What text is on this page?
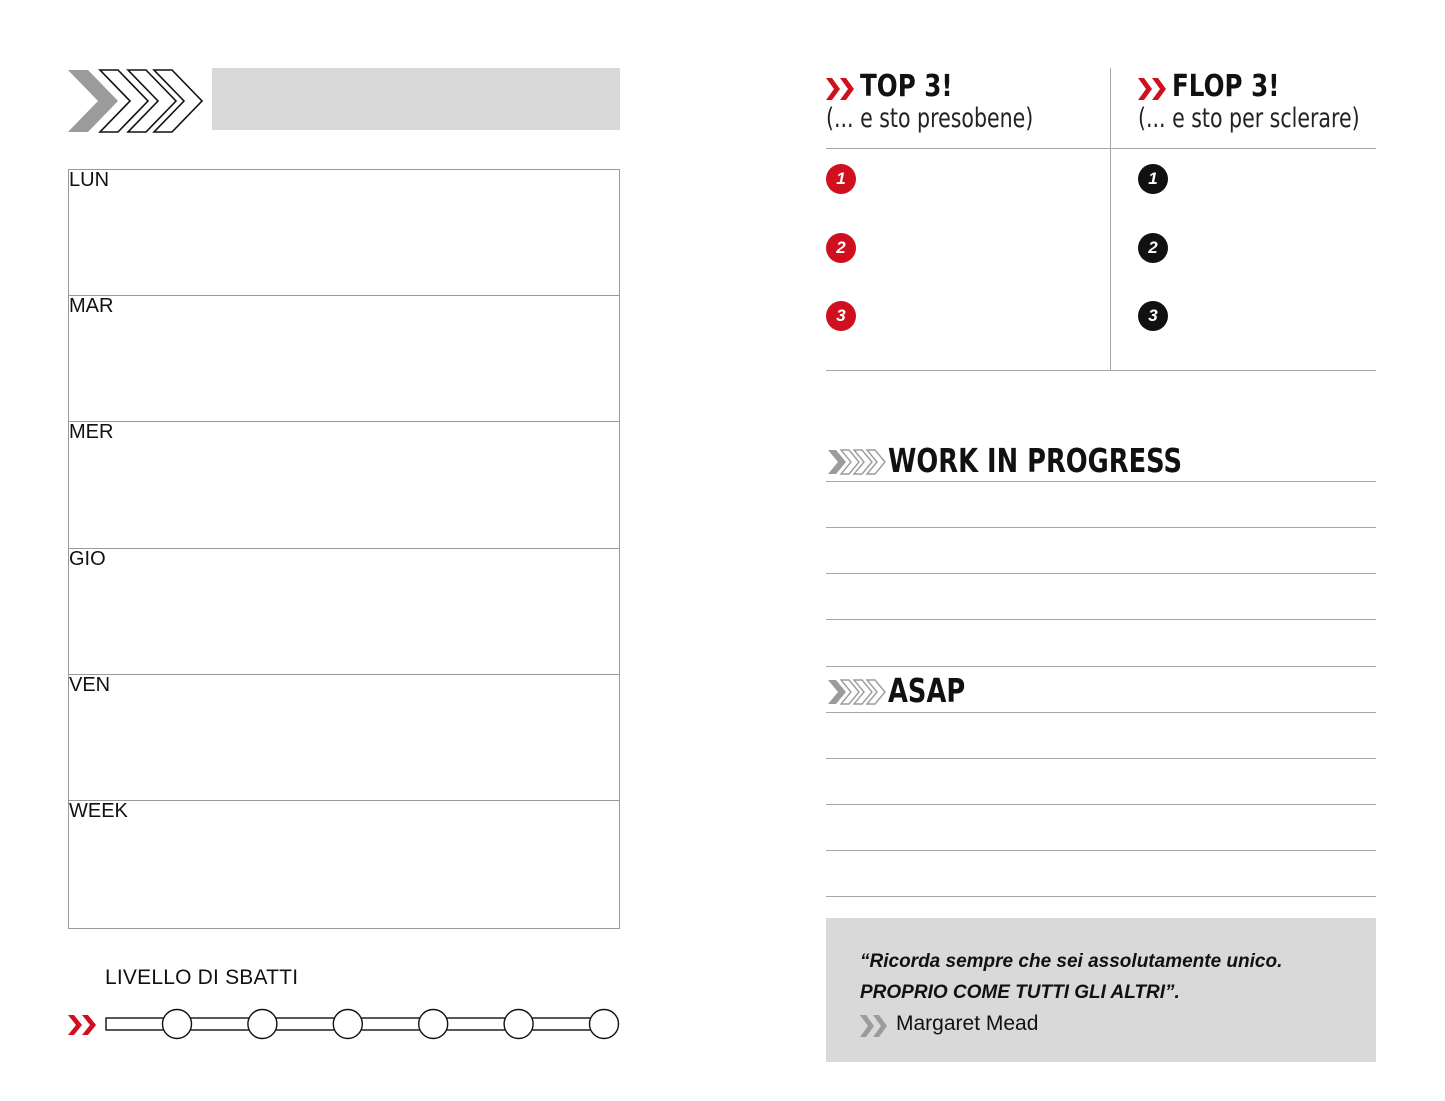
LUN
MAR
MER
GIO
VEN
WEEK
LIVELLO DI SBATTI
TOP 3!
(... e sto presobene)
FLOP 3!
(... e sto per sclerare)
1
2
3
1
2
3
WORK IN PROGRESS
ASAP
“Ricorda sempre che sei assolutamente unico.
PROPRIO COME TUTTI GLI ALTRI”.
Margaret Mead
